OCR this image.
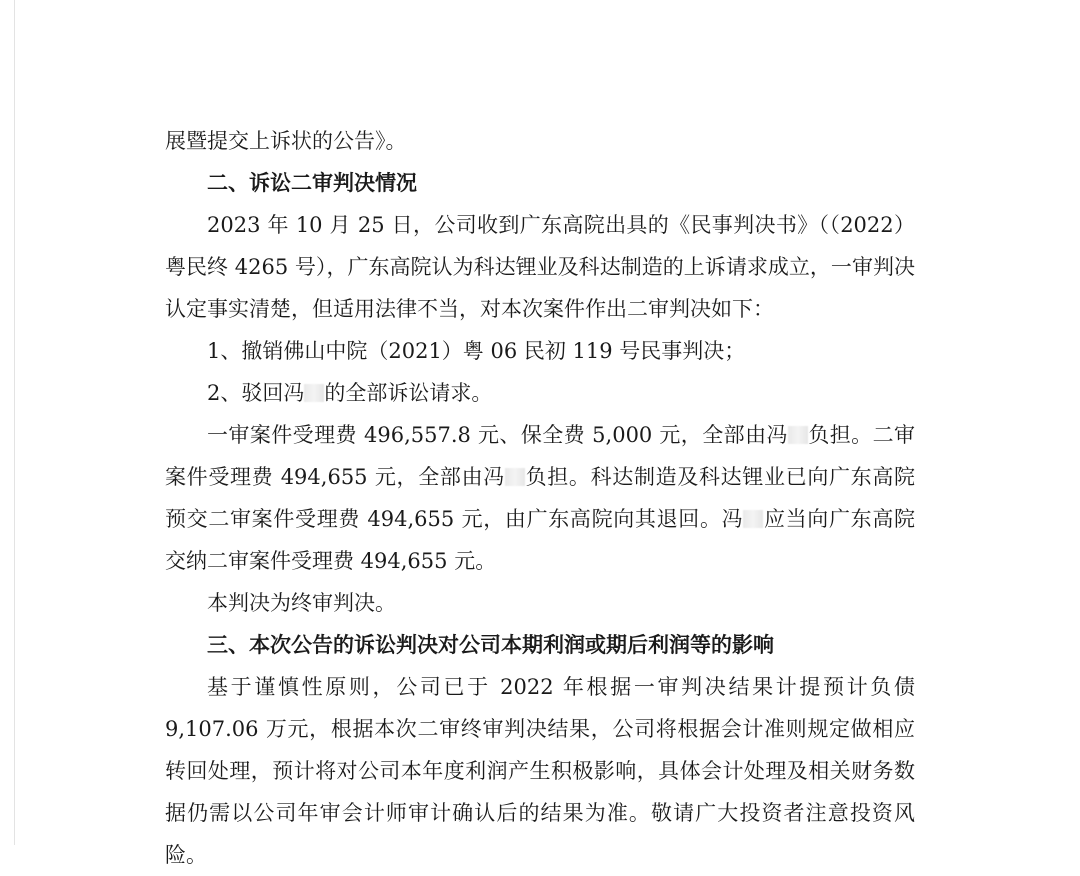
展暨提交上诉状的公告》。

二、诉讼二审判决情况

2023 年 10 月 25 日，公司收到广东高院出具的《民事判决书》（（2022）粤民终 4265 号），广东高院认为科达锂业及科达制造的上诉请求成立，一审判决认定事实清楚，但适用法律不当，对本次案件作出二审判决如下：

1、撤销佛山中院（2021）粤 06 民初 119 号民事判决；

2、驳回冯 的全部诉讼请求。

一审案件受理费 496,557.8 元、保全费 5,000 元，全部由冯 负担。二审案件受理费 494,655 元，全部由冯 负担。科达制造及科达锂业已向广东高院预交二审案件受理费 494,655 元，由广东高院向其退回。冯 应当向广东高院交纳二审案件受理费 494,655 元。

本判决为终审判决。

三、本次公告的诉讼判决对公司本期利润或期后利润等的影响

基于谨慎性原则，公司已于 2022 年根据一审判决结果计提预计负债 9,107.06 万元，根据本次二审终审判决结果，公司将根据会计准则规定做相应转回处理，预计将对公司本年度利润产生积极影响，具体会计处理及相关财务数据仍需以公司年审会计师审计确认后的结果为准。敬请广大投资者注意投资风险。
